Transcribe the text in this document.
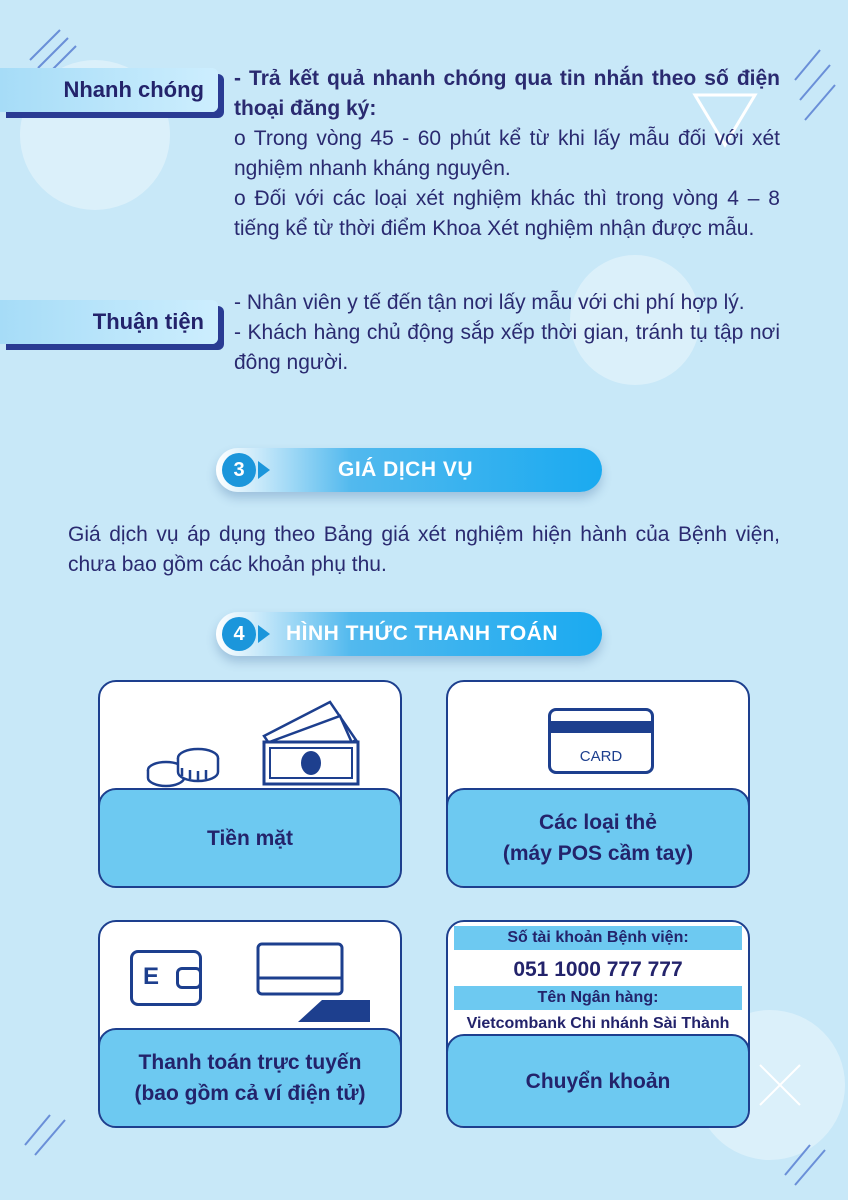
Nhanh chóng - Trả kết quả nhanh chóng qua tin nhắn theo số điện thoại đăng ký:
o Trong vòng 45 - 60 phút kể từ khi lấy mẫu đối với xét nghiệm nhanh kháng nguyên.
o Đối với các loại xét nghiệm khác thì trong vòng 4 – 8 tiếng kể từ thời điểm Khoa Xét nghiệm nhận được mẫu.
Thuận tiện
- Nhân viên y tế đến tận nơi lấy mẫu với chi phí hợp lý.
- Khách hàng chủ động sắp xếp thời gian, tránh tụ tập nơi đông người.
3	GIÁ DỊCH VỤ
Giá dịch vụ áp dụng theo Bảng giá xét nghiệm hiện hành của Bệnh viện, chưa bao gồm các khoản phụ thu.
4	HÌNH THỨC THANH TOÁN
Tiền mặt
CARD
Các loại thẻ
(máy POS cầm tay)
E
Thanh toán trực tuyến
(bao gồm cả ví điện tử)
Số tài khoản Bệnh viện:
051 1000 777 777
Tên Ngân hàng:
Vietcombank Chi nhánh Sài Thành
Chuyển khoản
